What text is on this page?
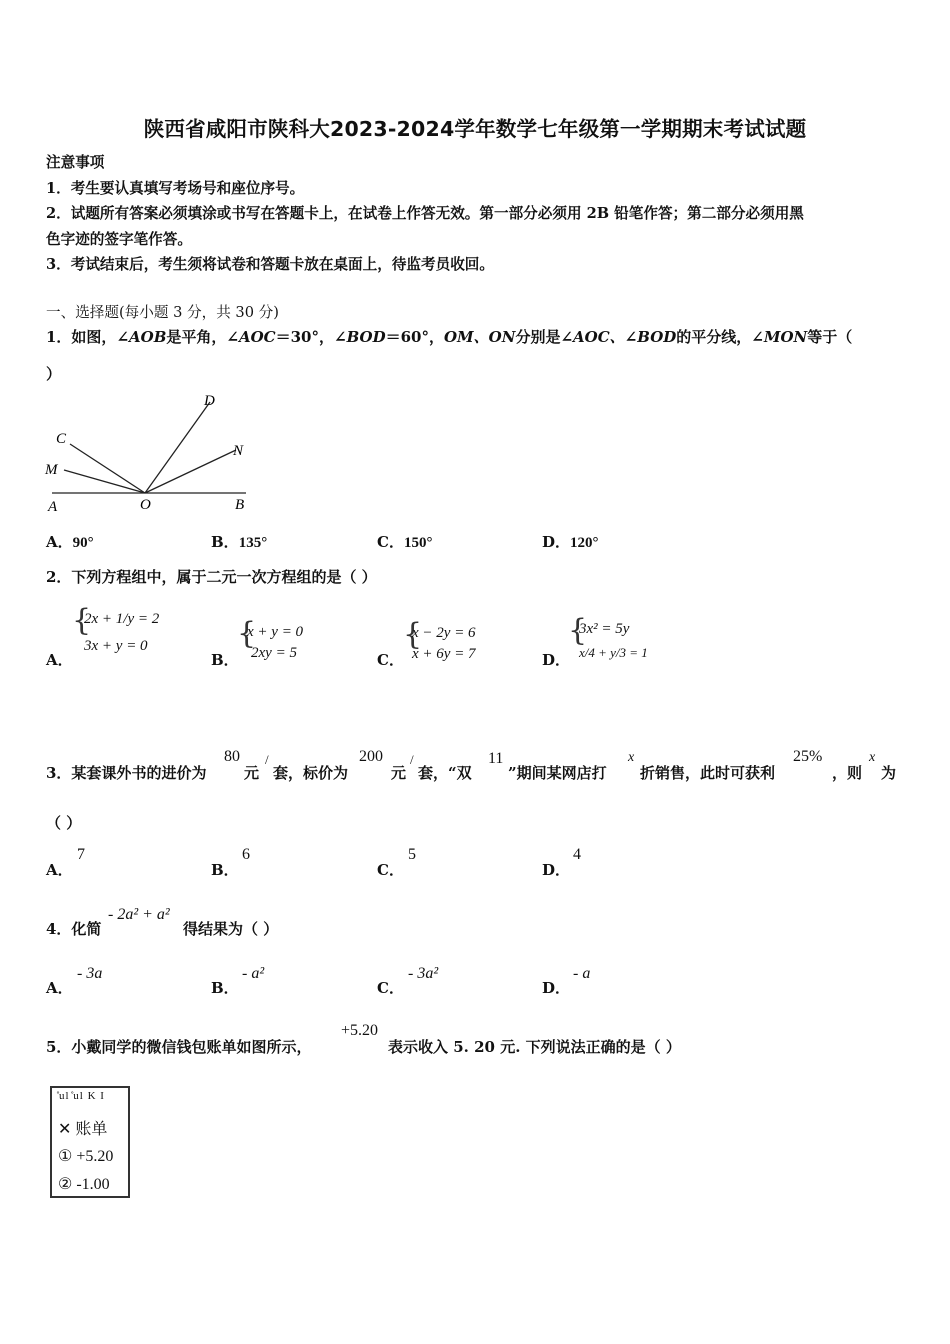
陕西省咸阳市陕科大2023-2024学年数学七年级第一学期期末考试试题
注意事项
1．考生要认真填写考场号和座位序号。
2．试题所有答案必须填涂或书写在答题卡上，在试卷上作答无效。第一部分必须用 2B 铅笔作答；第二部分必须用黑
色字迹的签字笔作答。
3．考试结束后，考生须将试卷和答题卡放在桌面上，待监考员收回。
一、选择题(每小题 3 分，共 30 分)
1．如图，∠AOB是平角，∠AOC＝30°，∠BOD＝60°，OM、ON分别是∠AOC、∠BOD的平分线，∠MON等于（
）
A	O	B
C
M
D
N
A．90°	B．135°	C．150°	D．120°
2．下列方程组中，属于二元一次方程组的是（ ）
A．
{
2x + 1/y = 2
3x + y = 0
B．
{
x + y = 0
2xy = 5	C．
{
x − 2y = 6
x + 6y = 7	D．
{
3x² = 5y
x/4 + y/3 = 1
3．某套课外书的进价为
80
元
/
套，标价为
200
元
/
套，“双
11
”期间某网店打
x
折销售，此时可获利
25%
，则
x
为
（ ）
A．
7
B．
6
C．
5
D．
4
4．化简
- 2a² + a²
得结果为（ ）
A．
- 3a
B．
- a²
C．
- 3a²
D．
- a
5．小戴同学的微信钱包账单如图所示，
+5.20
表示收入 5. 20 元. 下列说法正确的是（ ）
̊ul ̊ul K I
✕ 账单
① +5.20
② -1.00
